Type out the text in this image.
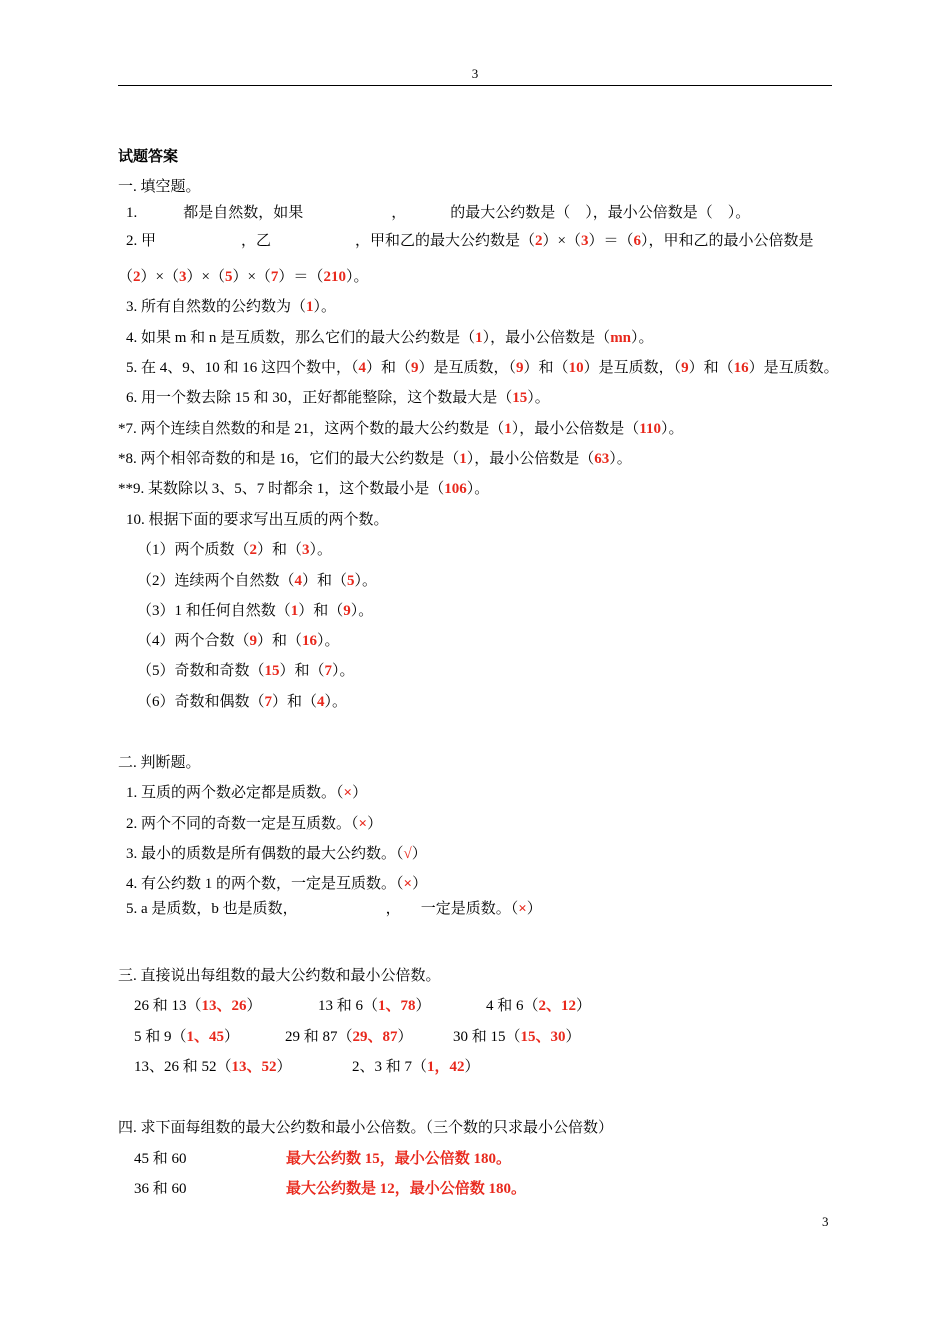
3
试题答案
一. 填空题。
1.	都是自然数，如果	，	的最大公约数是（　），最小公倍数是（　）。
2. 甲	，乙	，甲和乙的最大公约数是（2）×（3）＝（6），甲和乙的最小公倍数是
（2）×（3）×（5）×（7）＝（210）。
3. 所有自然数的公约数为（1）。
4. 如果 m 和 n 是互质数，那么它们的最大公约数是（1），最小公倍数是（mn）。
5. 在 4、9、10 和 16 这四个数中，（4）和（9）是互质数，（9）和（10）是互质数，（9）和（16）是互质数。
6. 用一个数去除 15 和 30，正好都能整除，这个数最大是（15）。
*7. 两个连续自然数的和是 21，这两个数的最大公约数是（1），最小公倍数是（110）。
*8. 两个相邻奇数的和是 16，它们的最大公约数是（1），最小公倍数是（63）。
**9. 某数除以 3、5、7 时都余 1，这个数最小是（106）。
10. 根据下面的要求写出互质的两个数。
（1）两个质数（2）和（3）。
（2）连续两个自然数（4）和（5）。
（3）1 和任何自然数（1）和（9）。
（4）两个合数（9）和（16）。
（5）奇数和奇数（15）和（7）。
（6）奇数和偶数（7）和（4）。
二. 判断题。
1. 互质的两个数必定都是质数。（×）
2. 两个不同的奇数一定是互质数。（×）
3. 最小的质数是所有偶数的最大公约数。（√）
4. 有公约数 1 的两个数，一定是互质数。（×）
5. a 是质数，b 也是质数，	， 一定是质数。（×）
三. 直接说出每组数的最大公约数和最小公倍数。
26 和 13（13、26）	13 和 6（1、78）	4 和 6（2、12）
5 和 9（1、45）	29 和 87（29、87）	30 和 15（15、30）
13、26 和 52（13、52）	2、3 和 7（1，42）
四. 求下面每组数的最大公约数和最小公倍数。（三个数的只求最小公倍数）
45 和 60	最大公约数 15，最小公倍数 180。
36 和 60	最大公约数是 12，最小公倍数 180。
3
